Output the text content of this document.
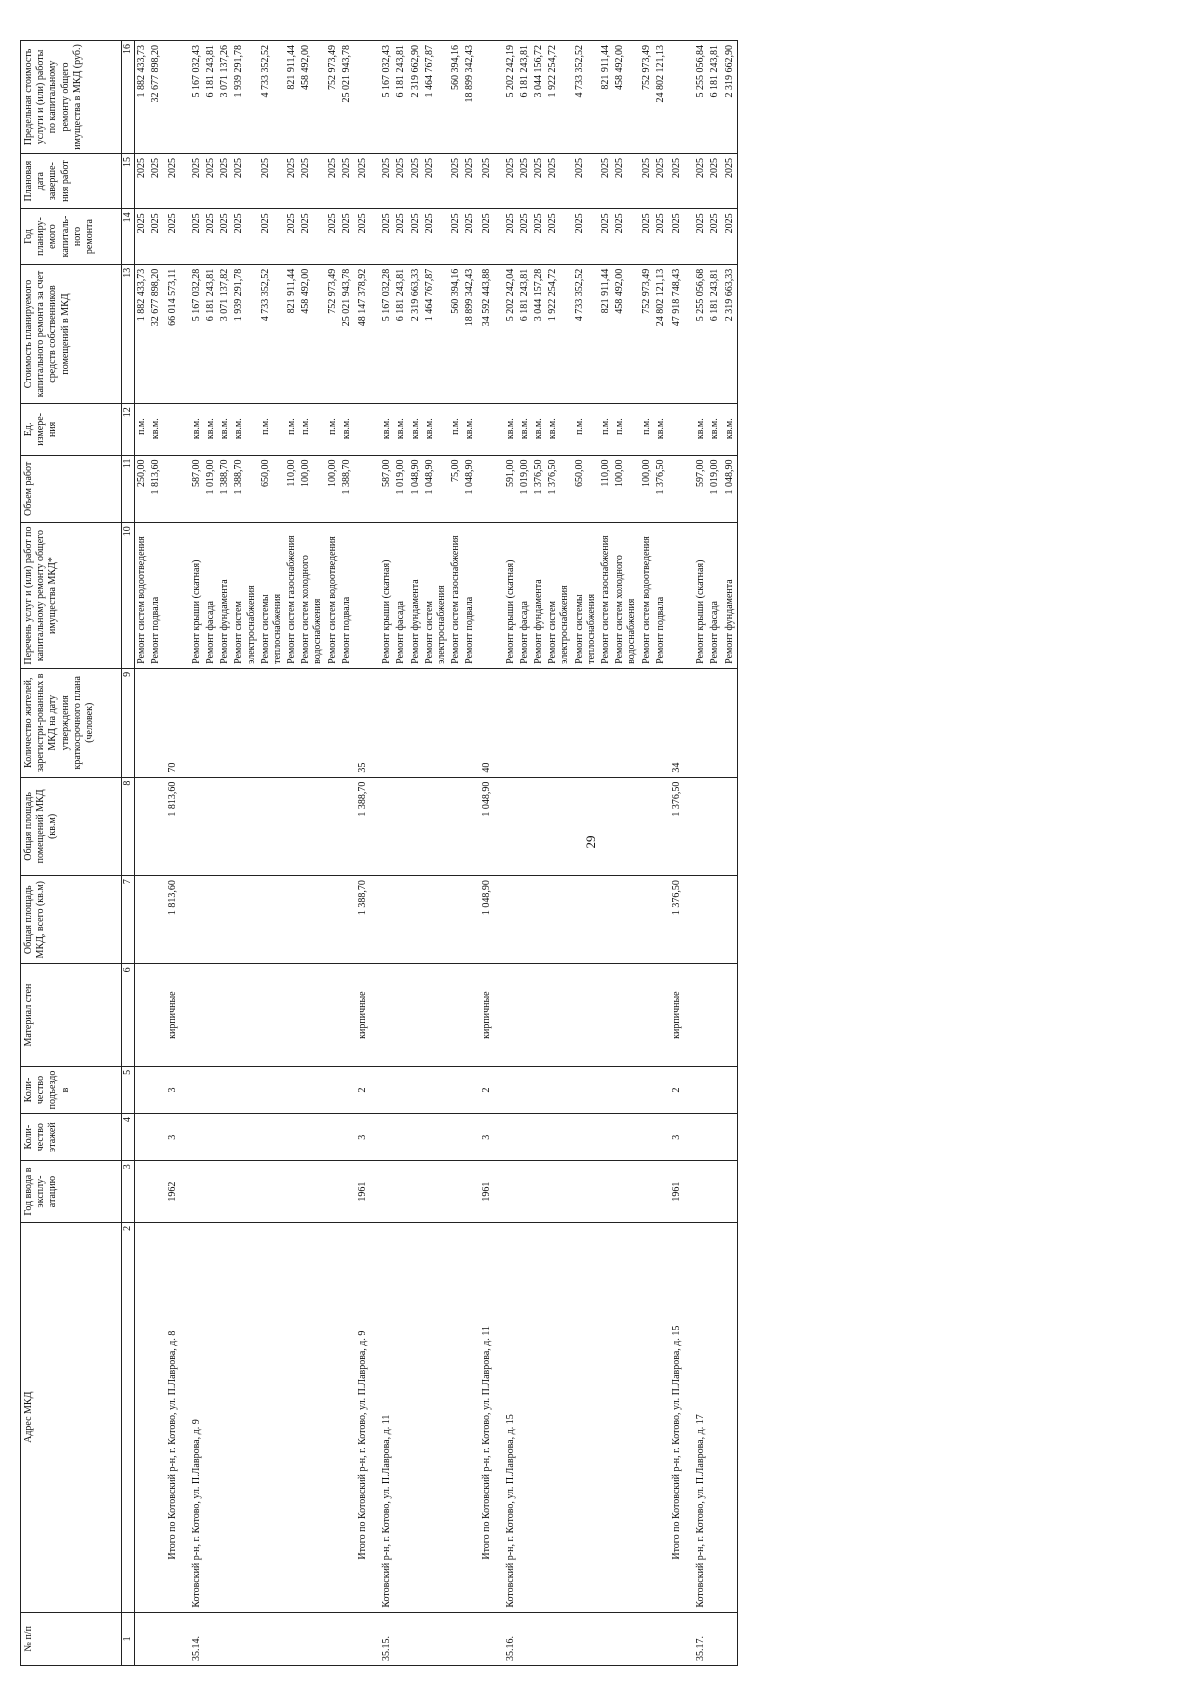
29
№ п/п	Адрес МКД	Год ввода в эксплу-атацию	Коли-чество этажей	Коли-чество подъездо в	Материал стен	Общая площадь МКД, всего (кв.м)	Общая площадь помещений МКД (кв.м)	Количество жителей, зарегистри-рованных в МКД на дату утверждения краткосрочного плана (человек)	Перечень услуг и (или) работ по капитальному ремонту общего имущества МКД*	Объем работ	Ед. измере-ния	Стоимость планируемого капитального ремонта за счет средств собственников помещений в МКД	Год планиру-емого капиталь-ного ремонта	Плановая дата заверше-ния работ	Предельная стоимость услуги и (или) работы по капитальному ремонту общего имущества в МКД (руб.)
1	2	3	4	5	6	7	8	9	10	11	12	13	14	15	16
									Ремонт систем водоотведения	250,00	п.м.	1 882 433,73	2025	2025	1 882 433,73
									Ремонт подвала	1 813,60	кв.м.	32 677 898,20	2025	2025	32 677 898,20
	Итого по Котовский р-н, г. Котово, ул. П.Лаврова, д. 8	1962	3	3	кирпичные	1 813,60	1 813,60	70				66 014 573,11	2025	2025	
35.14.	Котовский р-н, г. Котово, ул. П.Лаврова, д. 9								Ремонт крыши (скатная)	587,00	кв.м.	5 167 032,28	2025	2025	5 167 032,43
									Ремонт фасада	1 019,00	кв.м.	6 181 243,81	2025	2025	6 181 243,81
									Ремонт фундамента	1 388,70	кв.м.	3 071 137,82	2025	2025	3 071 137,26
									Ремонт систем электроснабжения	1 388,70	кв.м.	1 939 291,78	2025	2025	1 939 291,78
									Ремонт системы теплоснабжения	650,00	п.м.	4 733 352,52	2025	2025	4 733 352,52
									Ремонт систем газоснабжения	110,00	п.м.	821 911,44	2025	2025	821 911,44
									Ремонт систем холодного водоснабжения	100,00	п.м.	458 492,00	2025	2025	458 492,00
									Ремонт систем водоотведения	100,00	п.м.	752 973,49	2025	2025	752 973,49
									Ремонт подвала	1 388,70	кв.м.	25 021 943,78	2025	2025	25 021 943,78
	Итого по Котовский р-н, г. Котово, ул. П.Лаврова, д. 9	1961	3	2	кирпичные	1 388,70	1 388,70	35				48 147 378,92	2025	2025	
35.15.	Котовский р-н, г. Котово, ул. П.Лаврова, д. 11								Ремонт крыши (скатная)	587,00	кв.м.	5 167 032,28	2025	2025	5 167 032,43
									Ремонт фасада	1 019,00	кв.м.	6 181 243,81	2025	2025	6 181 243,81
									Ремонт фундамента	1 048,90	кв.м.	2 319 663,33	2025	2025	2 319 662,90
									Ремонт систем электроснабжения	1 048,90	кв.м.	1 464 767,87	2025	2025	1 464 767,87
									Ремонт систем газоснабжения	75,00	п.м.	560 394,16	2025	2025	560 394,16
									Ремонт подвала	1 048,90	кв.м.	18 899 342,43	2025	2025	18 899 342,43
	Итого по Котовский р-н, г. Котово, ул. П.Лаврова, д. 11	1961	3	2	кирпичные	1 048,90	1 048,90	40				34 592 443,88	2025	2025	
35.16.	Котовский р-н, г. Котово, ул. П.Лаврова, д. 15								Ремонт крыши (скатная)	591,00	кв.м.	5 202 242,04	2025	2025	5 202 242,19
									Ремонт фасада	1 019,00	кв.м.	6 181 243,81	2025	2025	6 181 243,81
									Ремонт фундамента	1 376,50	кв.м.	3 044 157,28	2025	2025	3 044 156,72
									Ремонт систем электроснабжения	1 376,50	кв.м.	1 922 254,72	2025	2025	1 922 254,72
									Ремонт системы теплоснабжения	650,00	п.м.	4 733 352,52	2025	2025	4 733 352,52
									Ремонт систем газоснабжения	110,00	п.м.	821 911,44	2025	2025	821 911,44
									Ремонт систем холодного водоснабжения	100,00	п.м.	458 492,00	2025	2025	458 492,00
									Ремонт систем водоотведения	100,00	п.м.	752 973,49	2025	2025	752 973,49
									Ремонт подвала	1 376,50	кв.м.	24 802 121,13	2025	2025	24 802 121,13
	Итого по Котовский р-н, г. Котово, ул. П.Лаврова, д. 15	1961	3	2	кирпичные	1 376,50	1 376,50	34				47 918 748,43	2025	2025	
35.17.	Котовский р-н, г. Котово, ул. П.Лаврова, д. 17								Ремонт крыши (скатная)	597,00	кв.м.	5 255 056,68	2025	2025	5 255 056,84
									Ремонт фасада	1 019,00	кв.м.	6 181 243,81	2025	2025	6 181 243,81
									Ремонт фундамента	1 048,90	кв.м.	2 319 663,33	2025	2025	2 319 662,90
